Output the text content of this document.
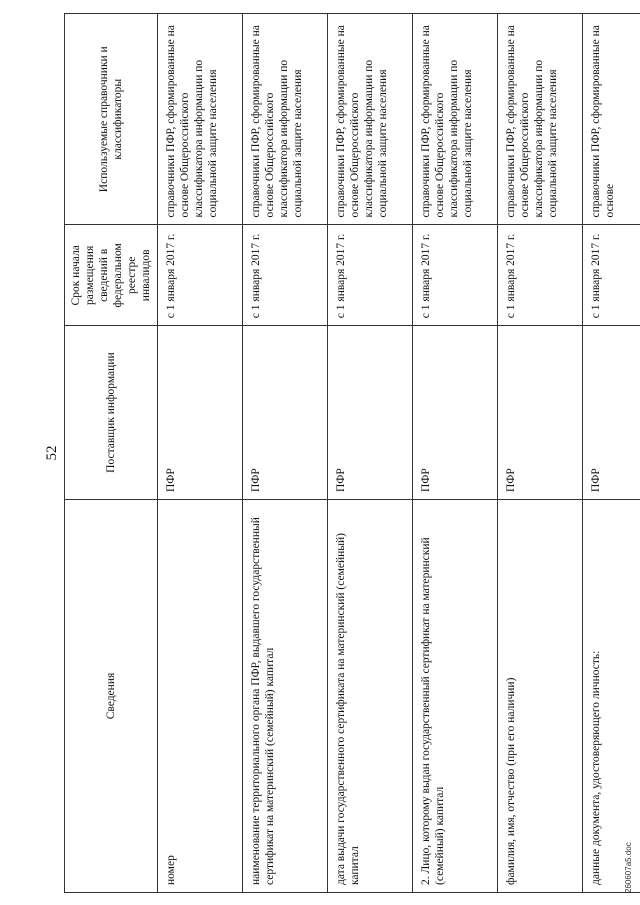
52
Сведения	Поставщик информации	Срок начала размещения сведений в федеральном реестре инвалидов	Используемые справочники и классификаторы
номер	ПФР	с 1 января 2017 г.	справочники ПФР, сформированные на основе Общероссийского классификатора информации по социальной защите населения
наименование территориального органа ПФР, выдавшего государственный сертификат на материнский (семейный) капитал	ПФР	с 1 января 2017 г.	справочники ПФР, сформированные на основе Общероссийского классификатора информации по социальной защите населения
дата выдачи государственного сертификата на материнский (семейный) капитал	ПФР	с 1 января 2017 г.	справочники ПФР, сформированные на основе Общероссийского классификатора информации по социальной защите населения
2. Лицо, которому выдан государственный сертификат на материнский (семейный) капитал	ПФР	с 1 января 2017 г.	справочники ПФР, сформированные на основе Общероссийского классификатора информации по социальной защите населения
фамилия, имя, отчество (при его наличии)	ПФР	с 1 января 2017 г.	справочники ПФР, сформированные на основе Общероссийского классификатора информации по социальной защите населения
данные документа, удостоверяющего личность:	ПФР	с 1 января 2017 г.	справочники ПФР, сформированные на основе
260607a5.doc
